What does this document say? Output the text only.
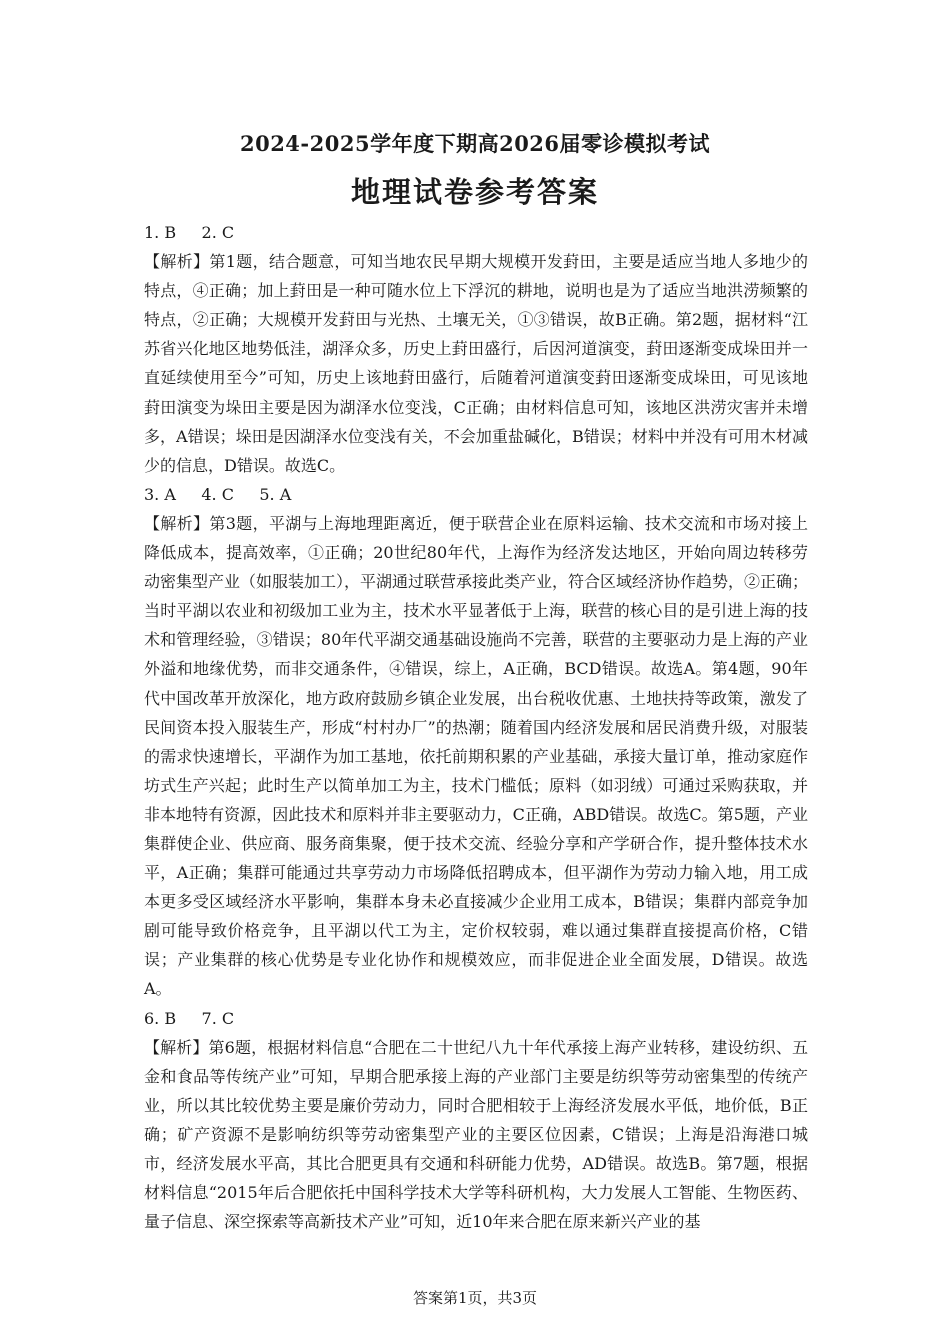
2024-2025学年度下期高2026届零诊模拟考试
地理试卷参考答案

1. B     2. C

【解析】第1题，结合题意，可知当地农民早期大规模开发葑田，主要是适应当地人多地少的特点，④正确；加上葑田是一种可随水位上下浮沉的耕地，说明也是为了适应当地洪涝频繁的特点，②正确；大规模开发葑田与光热、土壤无关，①③错误，故B正确。第2题，据材料“江苏省兴化地区地势低洼，湖泽众多，历史上葑田盛行，后因河道演变，葑田逐渐变成垛田并一直延续使用至今”可知，历史上该地葑田盛行，后随着河道演变葑田逐渐变成垛田，可见该地葑田演变为垛田主要是因为湖泽水位变浅，C正确；由材料信息可知，该地区洪涝灾害并未增多，A错误；垛田是因湖泽水位变浅有关，不会加重盐碱化，B错误；材料中并没有可用木材减少的信息，D错误。故选C。

3. A     4. C     5. A

【解析】第3题，平湖与上海地理距离近，便于联营企业在原料运输、技术交流和市场对接上降低成本，提高效率，①正确；20世纪80年代，上海作为经济发达地区，开始向周边转移劳动密集型产业（如服装加工），平湖通过联营承接此类产业，符合区域经济协作趋势，②正确；当时平湖以农业和初级加工业为主，技术水平显著低于上海，联营的核心目的是引进上海的技术和管理经验，③错误；80年代平湖交通基础设施尚不完善，联营的主要驱动力是上海的产业外溢和地缘优势，而非交通条件，④错误，综上，A正确，BCD错误。故选A。第4题，90年代中国改革开放深化，地方政府鼓励乡镇企业发展，出台税收优惠、土地扶持等政策，激发了民间资本投入服装生产，形成“村村办厂”的热潮；随着国内经济发展和居民消费升级，对服装的需求快速增长，平湖作为加工基地，依托前期积累的产业基础，承接大量订单，推动家庭作坊式生产兴起；此时生产以简单加工为主，技术门槛低；原料（如羽绒）可通过采购获取，并非本地特有资源，因此技术和原料并非主要驱动力，C正确，ABD错误。故选C。第5题，产业集群使企业、供应商、服务商集聚，便于技术交流、经验分享和产学研合作，提升整体技术水平，A正确；集群可能通过共享劳动力市场降低招聘成本，但平湖作为劳动力输入地，用工成本更多受区域经济水平影响，集群本身未必直接减少企业用工成本，B错误；集群内部竞争加剧可能导致价格竞争，且平湖以代工为主，定价权较弱，难以通过集群直接提高价格，C错误；产业集群的核心优势是专业化协作和规模效应，而非促进企业全面发展，D错误。故选A。

6. B     7. C

【解析】第6题，根据材料信息“合肥在二十世纪八九十年代承接上海产业转移，建设纺织、五金和食品等传统产业”可知，早期合肥承接上海的产业部门主要是纺织等劳动密集型的传统产业，所以其比较优势主要是廉价劳动力，同时合肥相较于上海经济发展水平低，地价低，B正确；矿产资源不是影响纺织等劳动密集型产业的主要区位因素，C错误；上海是沿海港口城市，经济发展水平高，其比合肥更具有交通和科研能力优势，AD错误。故选B。第7题，根据材料信息“2015年后合肥依托中国科学技术大学等科研机构，大力发展人工智能、生物医药、量子信息、深空探索等高新技术产业”可知，近10年来合肥在原来新兴产业的基

答案第1页，共3页
